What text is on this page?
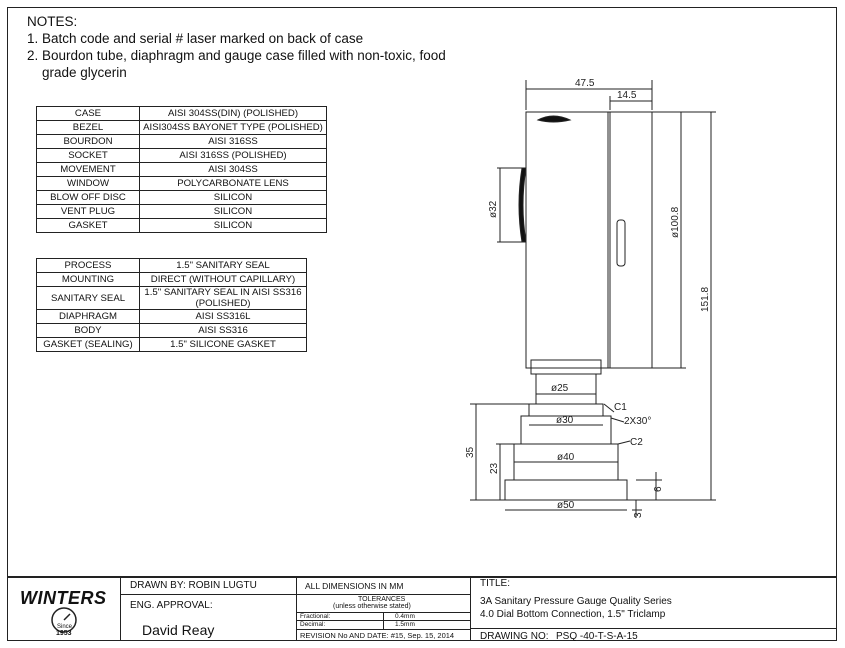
NOTES:
1. Batch code and serial # laser marked on back of case
2. Bourdon tube, diaphragm and gauge case filled with non-toxic, food
grade glycerin
CASE	AISI 304SS(DIN) (POLISHED)
BEZEL	AISI304SS BAYONET TYPE (POLISHED)
BOURDON	AISI 316SS
SOCKET	AISI 316SS (POLISHED)
MOVEMENT	AISI 304SS
WINDOW	POLYCARBONATE LENS
BLOW OFF DISC	SILICON
VENT PLUG	SILICON
GASKET	SILICON
PROCESS	1.5" SANITARY SEAL
MOUNTING	DIRECT (WITHOUT CAPILLARY)
SANITARY SEAL	1.5" SANITARY SEAL IN AISI SS316 (POLISHED)
DIAPHRAGM	AISI SS316L
BODY	AISI SS316
GASKET (SEALING)	1.5" SILICONE GASKET
47.5
14.5
ø32	ø100.8
151.8
ø25
ø30
ø40
ø50
C1
2X30°
C2
35
23
6
3
WINTERS
Since
1953
DRAWN BY: ROBIN LUGTU
ENG. APPROVAL:
David Reay
ALL DIMENSIONS IN MM
TOLERANCES
(unless otherwise stated)
Fractional:	0.4mm
Decimal:	1.5mm
REVISION No AND DATE: #15, Sep. 15, 2014
TITLE:
3A Sanitary Pressure Gauge Quality Series
4.0 Dial Bottom Connection, 1.5" Triclamp
DRAWING NO: PSQ -40-T-S-A-15
